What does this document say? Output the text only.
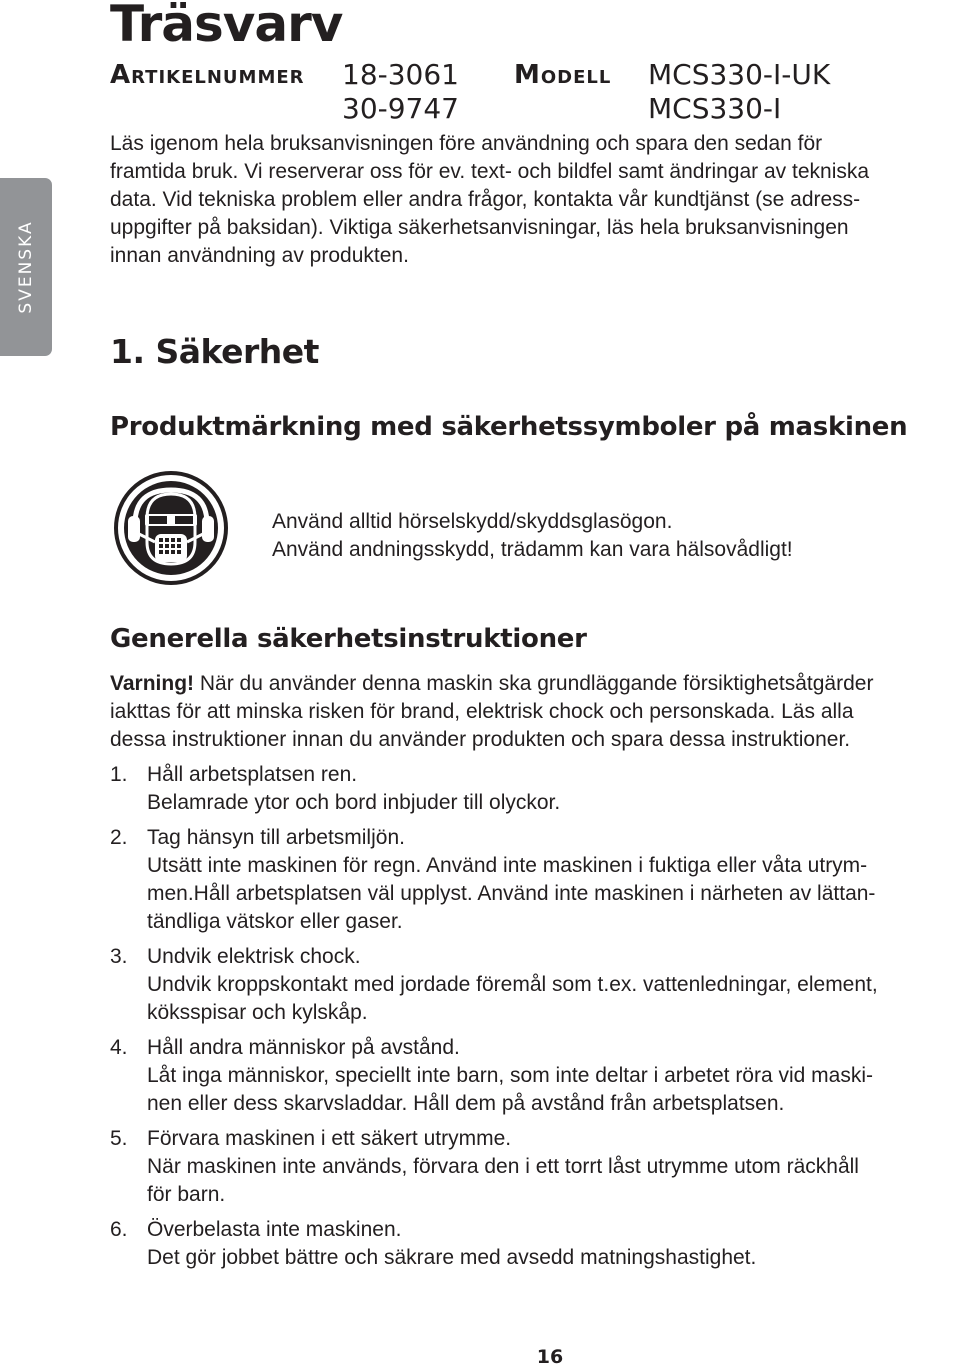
Träsvarv
Artikelnummer 18-3061
30-9747
Modell MCS330-I-UK
MCS330-I
SVENSKA
Läs igenom hela bruksanvisningen före användning och spara den sedan för
framtida bruk. Vi reserverar oss för ev. text- och bildfel samt ändringar av tekniska
data. Vid tekniska problem eller andra frågor, kontakta vår kundtjänst (se adress-
uppgifter på baksidan). Viktiga säkerhetsanvisningar, läs hela bruksanvisningen
innan användning av produkten.
1. Säkerhet
Produktmärkning med säkerhetssymboler på maskinen
Använd alltid hörselskydd/skyddsglasögon.
Använd andningsskydd, trädamm kan vara hälsovådligt!
Generella säkerhetsinstruktioner
Varning! När du använder denna maskin ska grundläggande försiktighetsåtgärder
iakttas för att minska risken för brand, elektrisk chock och personskada. Läs alla
dessa instruktioner innan du använder produkten och spara dessa instruktioner.
1. Håll arbetsplatsen ren.
Belamrade ytor och bord inbjuder till olyckor.
2. Tag hänsyn till arbetsmiljön.
Utsätt inte maskinen för regn. Använd inte maskinen i fuktiga eller våta utrym-
men.Håll arbetsplatsen väl upplyst. Använd inte maskinen i närheten av lättan-
tändliga vätskor eller gaser.
3. Undvik elektrisk chock.
Undvik kroppskontakt med jordade föremål som t.ex. vattenledningar, element,
köksspisar och kylskåp.
4. Håll andra människor på avstånd.
Låt inga människor, speciellt inte barn, som inte deltar i arbetet röra vid maski-
nen eller dess skarvsladdar. Håll dem på avstånd från arbetsplatsen.
5. Förvara maskinen i ett säkert utrymme.
När maskinen inte används, förvara den i ett torrt låst utrymme utom räckhåll
för barn.
6. Överbelasta inte maskinen.
Det gör jobbet bättre och säkrare med avsedd matningshastighet.
16
